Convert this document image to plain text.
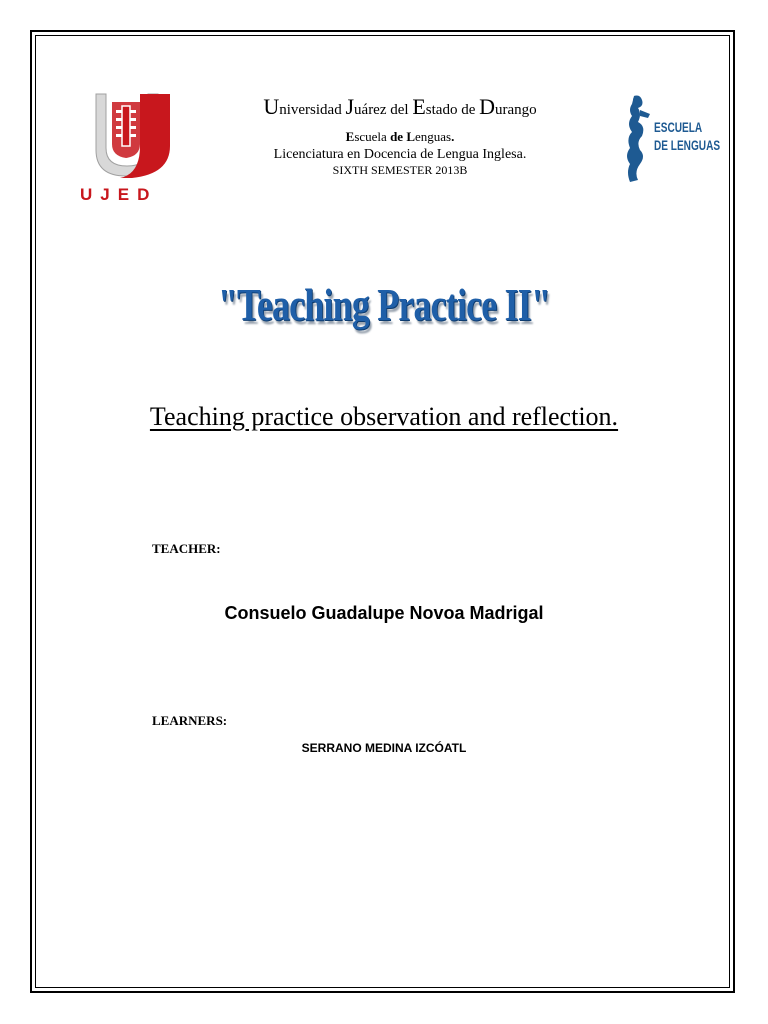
UJED
Universidad Juárez del Estado de Durango
Escuela de Lenguas.
Licenciatura en Docencia de Lengua Inglesa.
SIXTH SEMESTER 2013B
ESCUELA
DE LENGUAS
"Teaching Practice II"
Teaching practice observation and reflection.
TEACHER:
Consuelo Guadalupe Novoa Madrigal
LEARNERS:
SERRANO MEDINA IZCÓATL
